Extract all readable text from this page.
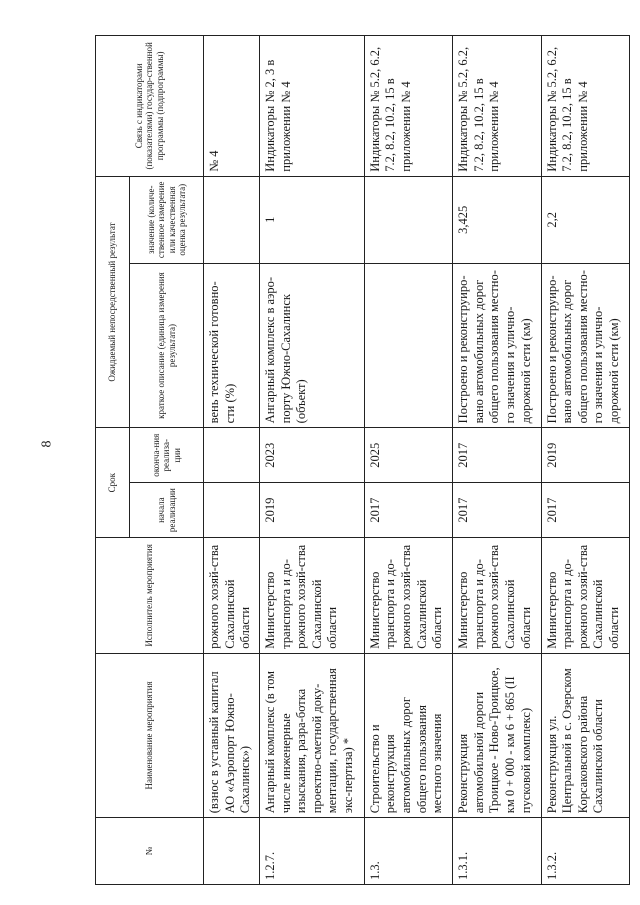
8
№	Наименование мероприятия	Исполнитель мероприятия	Срок		Ожидаемый непосредственный результат		Связь с индикаторами (показателями) государ-ственной программы (подпрограммы)
			начала реализации	оконча-ния реализа-ции	краткое описание (единица измерения результата)	значение (количе-ственное измерение или качественная оценка результата)	
	(взнос в уставный капитал АО «Аэропорт Южно-Сахалинск»)	рожного хозяй-ства Сахалинской области			вень технической готовно-сти (%)		№ 4
1.2.7.	Ангарный комплекс (в том числе инженерные изыскания, разра-ботка проектно-сметной доку-ментации, государственная экс-пертиза) *	Министерство транспорта и до-рожного хозяй-ства Сахалинской области	2019	2023	Ангарный комплекс в аэро-порту Южно-Сахалинск (объект)	1	Индикаторы № 2, 3 в приложении № 4
1.3.	Строительство и реконструкция автомобильных дорог общего пользования местного значения	Министерство транспорта и до-рожного хозяй-ства Сахалинской области	2017	2025			Индикаторы № 5.2, 6.2, 7.2, 8.2, 10.2, 15 в приложении № 4
1.3.1.	Реконструкция автомобильной дороги Троицкое - Ново-Троицкое, км 0 + 000 - км 6 + 865 (II пусковой комплекс)	Министерство транспорта и до-рожного хозяй-ства Сахалинской области	2017	2017	Построено и реконструиро-вано автомобильных дорог общего пользования местно-го значения и улично-дорожной сети (км)	3,425	Индикаторы № 5.2, 6.2, 7.2, 8.2, 10.2, 15 в приложении № 4
1.3.2.	Реконструкция ул. Центральной в с. Озерском Корсаковского района Сахалинской области	Министерство транспорта и до-рожного хозяй-ства Сахалинской области	2017	2019	Построено и реконструиро-вано автомобильных дорог общего пользования местно-го значения и улично-дорожной сети (км)	2,2	Индикаторы № 5.2, 6.2, 7.2, 8.2, 10.2, 15 в приложении № 4
